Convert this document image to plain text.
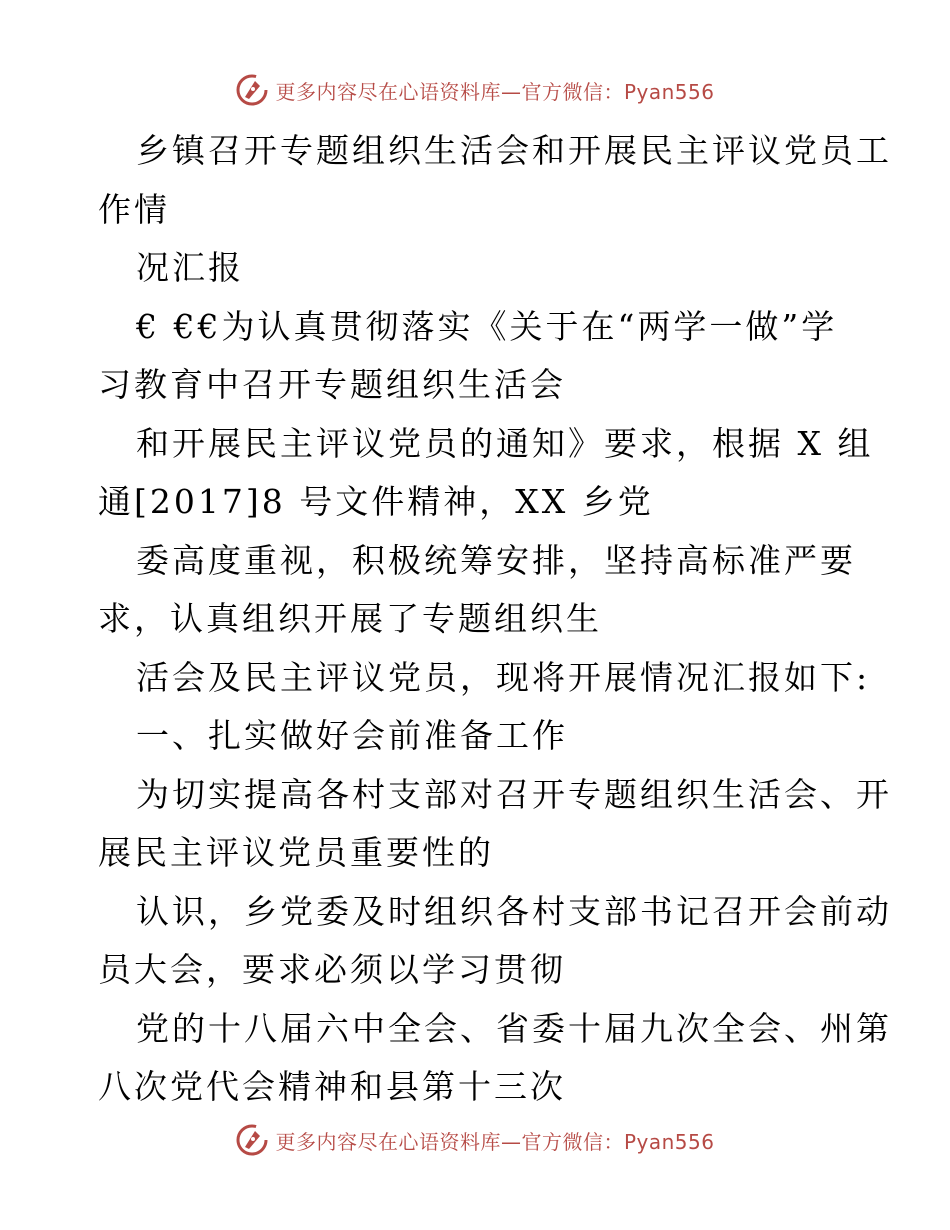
更多内容尽在心语资料库—官方微信：Pyan556
乡镇召开专题组织生活会和开展民主评议党员工
作情
况汇报
€ €€为认真贯彻落实《关于在“两学一做”学
习教育中召开专题组织生活会
和开展民主评议党员的通知》要求，根据 X 组
通[2017]8 号文件精神，XX 乡党
委高度重视，积极统筹安排，坚持高标准严要
求，认真组织开展了专题组织生
活会及民主评议党员，现将开展情况汇报如下:
一、扎实做好会前准备工作
为切实提高各村支部对召开专题组织生活会、开
展民主评议党员重要性的
认识，乡党委及时组织各村支部书记召开会前动
员大会，要求必须以学习贯彻
党的十八届六中全会、省委十届九次全会、州第
八次党代会精神和县第十三次
更多内容尽在心语资料库—官方微信：Pyan556
